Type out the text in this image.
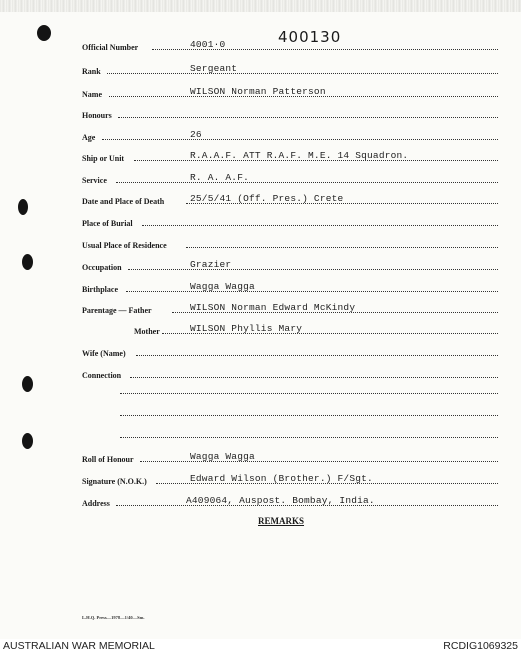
400130
Official Number	4001·0
Rank	Sergeant
Name	WILSON Norman Patterson
Honours
Age	26
Ship or Unit	R.A.A.F. ATT R.A.F. M.E. 14 Squadron.
Service	R. A. A.F.
Date and Place of Death	25/5/41 (Off. Pres.) Crete
Place of Burial
Usual Place of Residence
Occupation	Grazier
Birthplace	Wagga Wagga
Parentage — Father	WILSON Norman Edward McKindy
Mother	WILSON Phyllis Mary
Wife (Name)
Connection
Roll of Honour	Wagga Wagga
Signature (N.O.K.)	Edward Wilson (Brother.) F/Sgt.
Address	A409064, Auspost. Bombay, India.
REMARKS
L.H.Q. Press—1978—1/40—Sm.
AUSTRALIAN WAR MEMORIAL	RCDIG1069325
